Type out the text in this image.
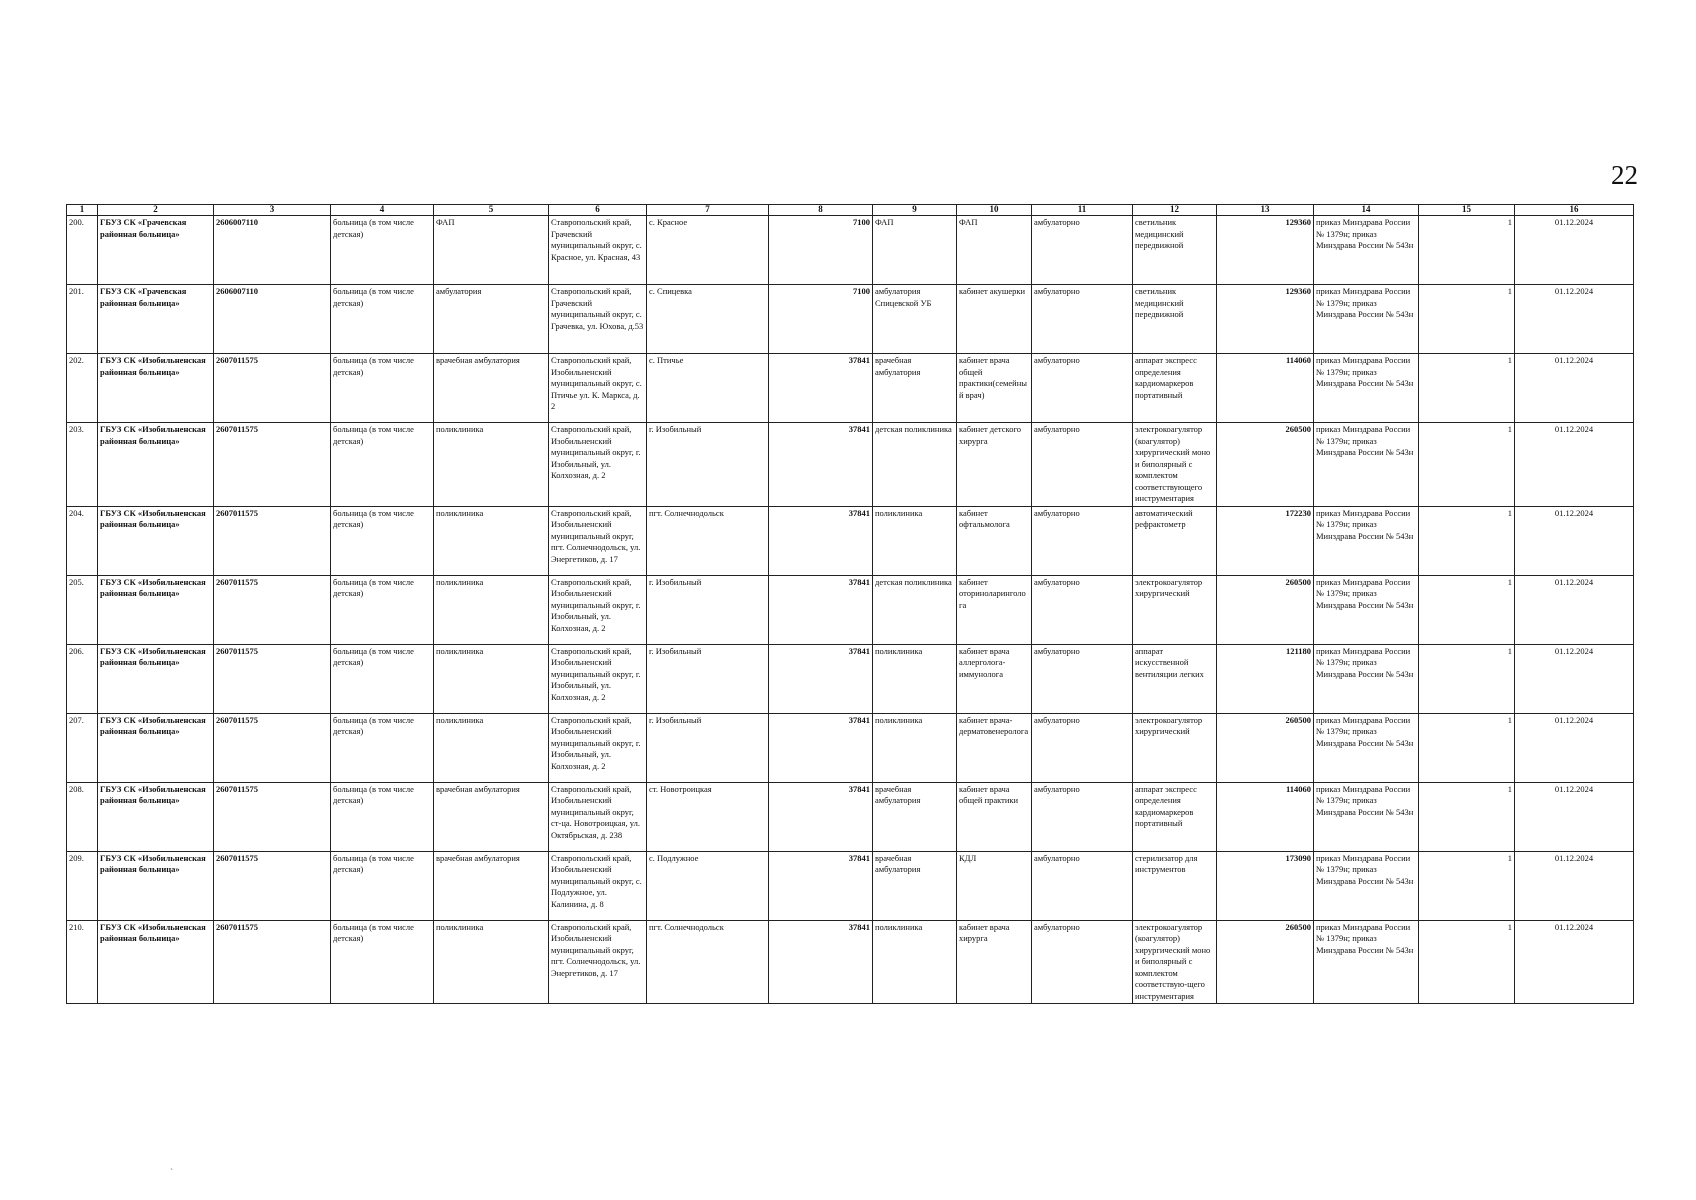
22
1	2	3	4	5	6	7	8	9	10	11	12	13	14	15	16
200.	ГБУЗ СК «Грачевская районная больница»	2606007110	больница (в том числе детская)	ФАП	Ставропольский край, Грачевский муниципальный округ, с. Красное, ул. Красная, 43	с. Красное	7100	ФАП	ФАП	амбулаторно	светильник медицинский передвижной	129360	приказ Минздрава России № 1379н; приказ Минздрава России № 543н	1	01.12.2024
201.	ГБУЗ СК «Грачевская районная больница»	2606007110	больница (в том числе детская)	амбулатория	Ставропольский край, Грачевский муниципальный округ, с. Грачевка, ул. Юхова, д.53	с. Спицевка	7100	амбулатория Спицевской УБ	кабинет акушерки	амбулаторно	светильник медицинский передвижной	129360	приказ Минздрава России № 1379н; приказ Минздрава России № 543н	1	01.12.2024
202.	ГБУЗ СК «Изобильненская районная больница»	2607011575	больница (в том числе детская)	врачебная амбулатория	Ставропольский край, Изобильненский муниципальный округ, с. Птичье ул. К. Маркса, д. 2	с. Птичье	37841	врачебная амбулатория	кабинет врача общей практики(семейный врач)	амбулаторно	аппарат экспресс определения кардиомаркеров портативный	114060	приказ Минздрава России № 1379н; приказ Минздрава России № 543н	1	01.12.2024
203.	ГБУЗ СК «Изобильненская районная больница»	2607011575	больница (в том числе детская)	поликлиника	Ставропольский край, Изобильненский муниципальный округ, г. Изобильный, ул. Колхозная, д. 2	г. Изобильный	37841	детская поликлиника	кабинет детского хирурга	амбулаторно	электрокоагулятор (коагулятор) хирургический моно и биполярный с комплектом соответствующего инструментария	260500	приказ Минздрава России № 1379н; приказ Минздрава России № 543н	1	01.12.2024
204.	ГБУЗ СК «Изобильненская районная больница»	2607011575	больница (в том числе детская)	поликлиника	Ставропольский край, Изобильненский муниципальный округ, пгт. Солнечнодольск, ул. Энергетиков, д. 17	пгт. Солнечнодольск	37841	поликлиника	кабинет офтальмолога	амбулаторно	автоматический рефрактометр	172230	приказ Минздрава России № 1379н; приказ Минздрава России № 543н	1	01.12.2024
205.	ГБУЗ СК «Изобильненская районная больница»	2607011575	больница (в том числе детская)	поликлиника	Ставропольский край, Изобильненский муниципальный округ, г. Изобильный, ул. Колхозная, д. 2	г. Изобильный	37841	детская поликлиника	кабинет оториноларинголога	амбулаторно	электрокоагулятор хирургический	260500	приказ Минздрава России № 1379н; приказ Минздрава России № 543н	1	01.12.2024
206.	ГБУЗ СК «Изобильненская районная больница»	2607011575	больница (в том числе детская)	поликлиника	Ставропольский край, Изобильненский муниципальный округ, г. Изобильный, ул. Колхозная, д. 2	г. Изобильный	37841	поликлиника	кабинет врача аллерголога-иммунолога	амбулаторно	аппарат искусственной вентиляции легких	121180	приказ Минздрава России № 1379н; приказ Минздрава России № 543н	1	01.12.2024
207.	ГБУЗ СК «Изобильненская районная больница»	2607011575	больница (в том числе детская)	поликлиника	Ставропольский край, Изобильненский муниципальный округ, г. Изобильный, ул. Колхозная, д. 2	г. Изобильный	37841	поликлиника	кабинет врача-дерматовенеролога	амбулаторно	электрокоагулятор хирургический	260500	приказ Минздрава России № 1379н; приказ Минздрава России № 543н	1	01.12.2024
208.	ГБУЗ СК «Изобильненская районная больница»	2607011575	больница (в том числе детская)	врачебная амбулатория	Ставропольский край, Изобильненский муниципальный округ, ст-ца. Новотроицкая, ул. Октябрьская, д. 238	ст. Новотроицкая	37841	врачебная амбулатория	кабинет врача общей практики	амбулаторно	аппарат экспресс определения кардиомаркеров портативный	114060	приказ Минздрава России № 1379н; приказ Минздрава России № 543н	1	01.12.2024
209.	ГБУЗ СК «Изобильненская районная больница»	2607011575	больница (в том числе детская)	врачебная амбулатория	Ставропольский край, Изобильненский муниципальный округ, с. Подлужное, ул. Калинина, д. 8	с. Подлужное	37841	врачебная амбулатория	КДЛ	амбулаторно	стерилизатор для инструментов	173090	приказ Минздрава России № 1379н; приказ Минздрава России № 543н	1	01.12.2024
210.	ГБУЗ СК «Изобильненская районная больница»	2607011575	больница (в том числе детская)	поликлиника	Ставропольский край, Изобильненский муниципальный округ, пгт. Солнечнодольск, ул. Энергетиков, д. 17	пгт. Солнечнодольск	37841	поликлиника	кабинет врача хирурга	амбулаторно	электрокоагулятор (коагулятор) хирургический моно и биполярный с комплектом соответствую-щего инструментария	260500	приказ Минздрава России № 1379н; приказ Минздрава России № 543н	1	01.12.2024
ˋ
